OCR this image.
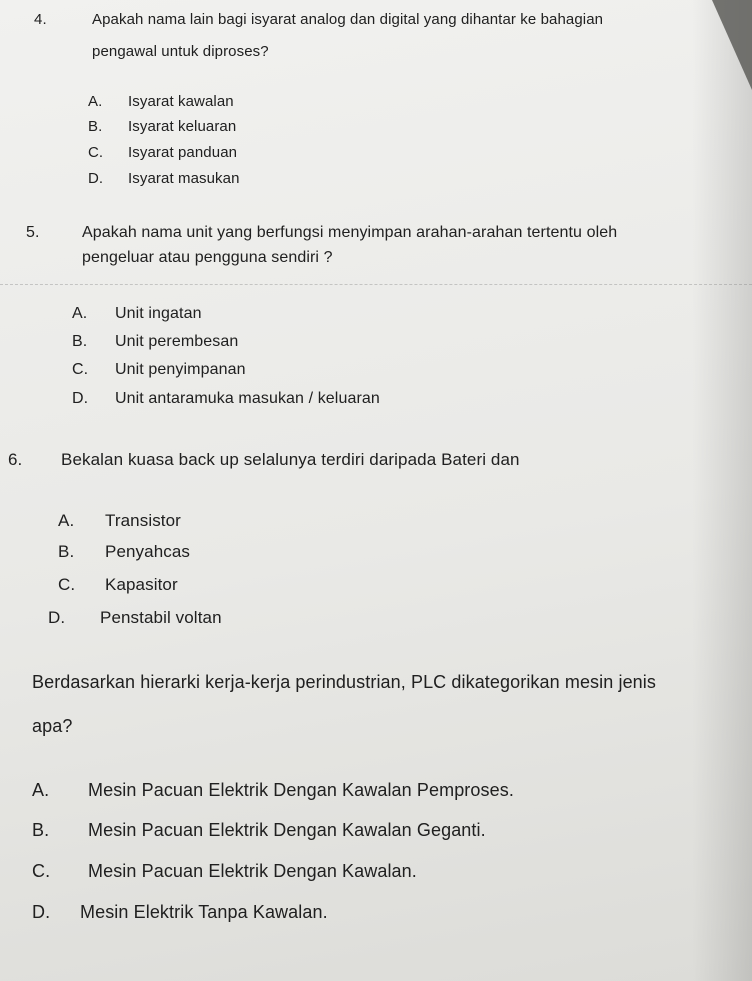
4.	Apakah nama lain bagi isyarat analog dan digital yang dihantar ke bahagian
pengawal untuk diproses?
A. Isyarat kawalan
B. Isyarat keluaran
C. Isyarat panduan
D. Isyarat masukan
5.	Apakah nama unit yang berfungsi menyimpan arahan-arahan tertentu oleh
pengeluar atau pengguna sendiri ?
A. Unit ingatan
B. Unit perembesan
C. Unit penyimpanan
D. Unit antaramuka masukan / keluaran
6. Bekalan kuasa back up selalunya terdiri daripada Bateri dan
A. Transistor
B. Penyahcas
C. Kapasitor
D. Penstabil voltan
Berdasarkan hierarki kerja-kerja perindustrian, PLC dikategorikan mesin jenis
apa?
A. Mesin Pacuan Elektrik Dengan Kawalan Pemproses.
B. Mesin Pacuan Elektrik Dengan Kawalan Geganti.
C. Mesin Pacuan Elektrik Dengan Kawalan.
D. Mesin Elektrik Tanpa Kawalan.
